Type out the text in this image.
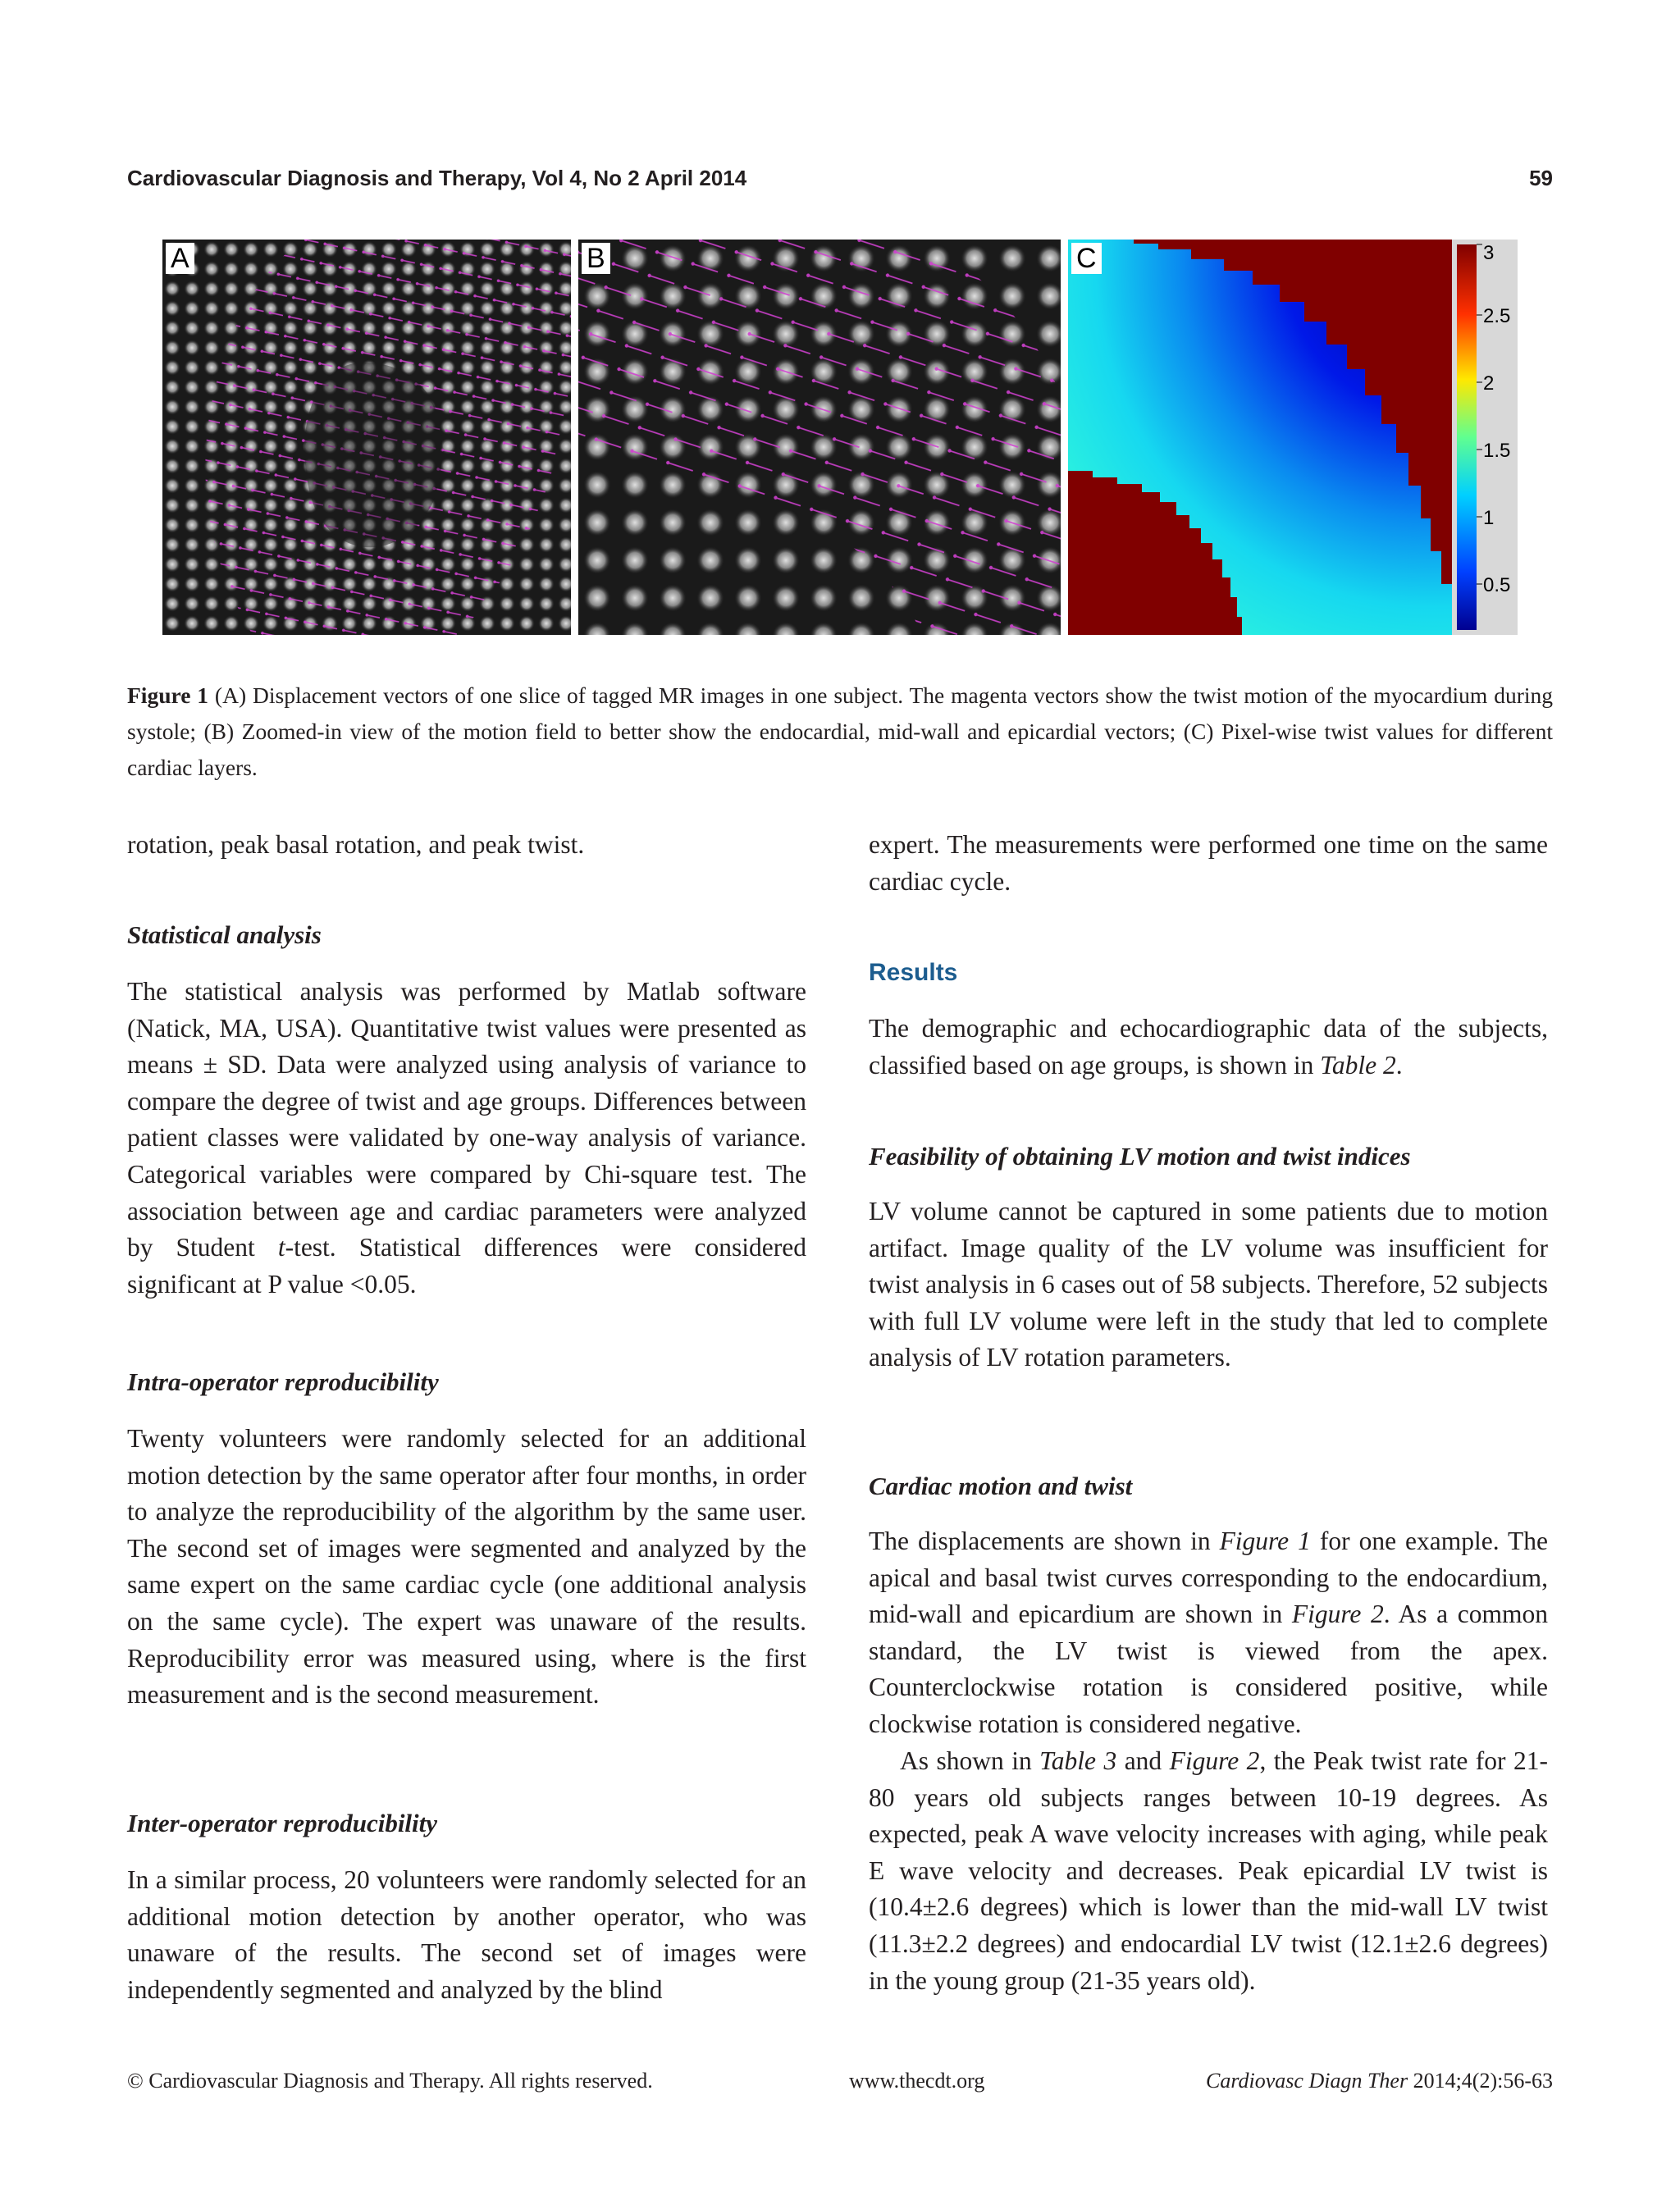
Cardiovascular Diagnosis and Therapy, Vol 4, No 2 April 2014	59
A	B	3
2.5
2
1.5
1
0.5
C

Figure 1 (A) Displacement vectors of one slice of tagged MR images in one subject. The magenta vectors show the twist motion of the myocardium during systole; (B) Zoomed-in view of the motion field to better show the endocardial, mid-wall and epicardial vectors; (C) Pixel-wise twist values for different cardiac layers.

rotation, peak basal rotation, and peak twist.

Statistical analysis

The statistical analysis was performed by Matlab software (Natick, MA, USA). Quantitative twist values were presented as means ± SD. Data were analyzed using analysis of variance to compare the degree of twist and age groups. Differences between patient classes were validated by one-way analysis of variance. Categorical variables were compared by Chi-square test. The association between age and cardiac parameters were analyzed by Student t-test. Statistical differences were considered significant at P value <0.05.

Intra-operator reproducibility

Twenty volunteers were randomly selected for an additional motion detection by the same operator after four months, in order to analyze the reproducibility of the algorithm by the same user. The second set of images were segmented and analyzed by the same expert on the same cardiac cycle (one additional analysis on the same cycle). The expert was unaware of the results. Reproducibility error was measured using, where is the first measurement and is the second measurement.

Inter-operator reproducibility

In a similar process, 20 volunteers were randomly selected for an additional motion detection by another operator, who was unaware of the results. The second set of images were independently segmented and analyzed by the blind

expert. The measurements were performed one time on the same cardiac cycle.

Results

The demographic and echocardiographic data of the subjects, classified based on age groups, is shown in Table 2.

Feasibility of obtaining LV motion and twist indices

LV volume cannot be captured in some patients due to motion artifact. Image quality of the LV volume was insufficient for twist analysis in 6 cases out of 58 subjects. Therefore, 52 subjects with full LV volume were left in the study that led to complete analysis of LV rotation parameters.

Cardiac motion and twist

The displacements are shown in Figure 1 for one example. The apical and basal twist curves corresponding to the endocardium, mid-wall and epicardium are shown in Figure 2. As a common standard, the LV twist is viewed from the apex. Counterclockwise rotation is considered positive, while clockwise rotation is considered negative.

As shown in Table 3 and Figure 2, the Peak twist rate for 21-80 years old subjects ranges between 10-19 degrees. As expected, peak A wave velocity increases with aging, while peak E wave velocity and decreases. Peak epicardial LV twist is (10.4±2.6 degrees) which is lower than the mid-wall LV twist (11.3±2.2 degrees) and endocardial LV twist (12.1±2.6 degrees) in the young group (21-35 years old).

© Cardiovascular Diagnosis and Therapy. All rights reserved.	www.thecdt.org	Cardiovasc Diagn Ther 2014;4(2):56-63
